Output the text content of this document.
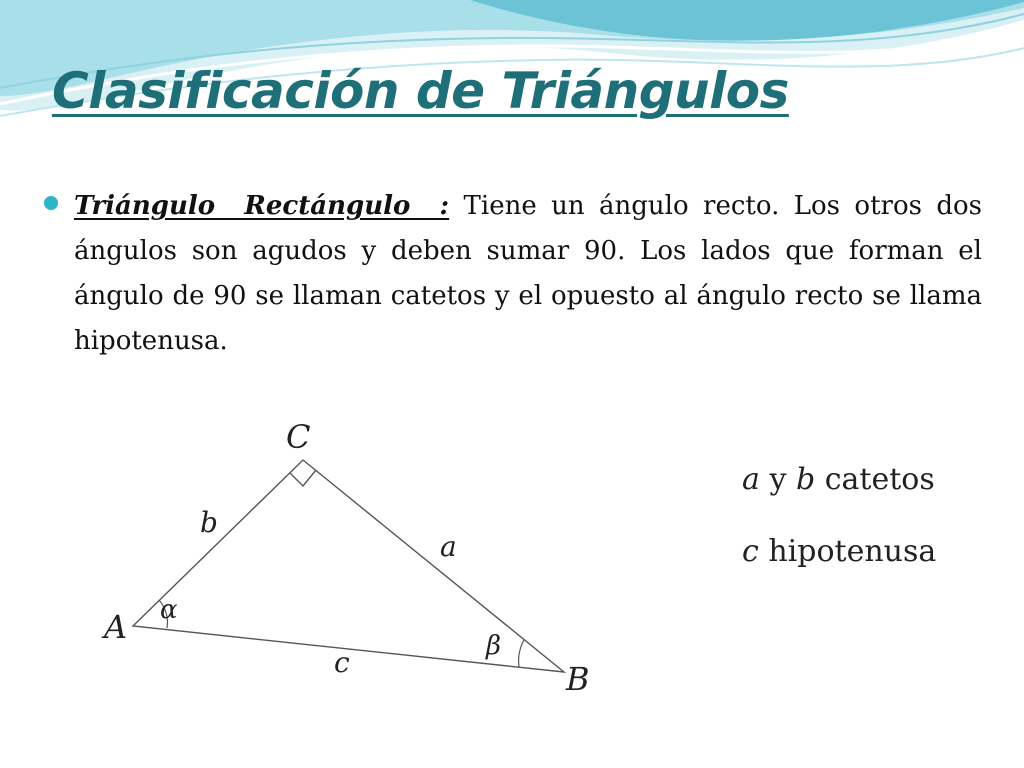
Clasificación de Triángulos
Triángulo Rectángulo : Tiene un ángulo recto. Los otros dos ángulos son agudos y deben sumar 90. Los lados que forman el ángulo de 90 se llaman catetos y el opuesto al ángulo recto se llama hipotenusa.
C
A
B
b
a
c
α
β
a y b catetos
c hipotenusa
